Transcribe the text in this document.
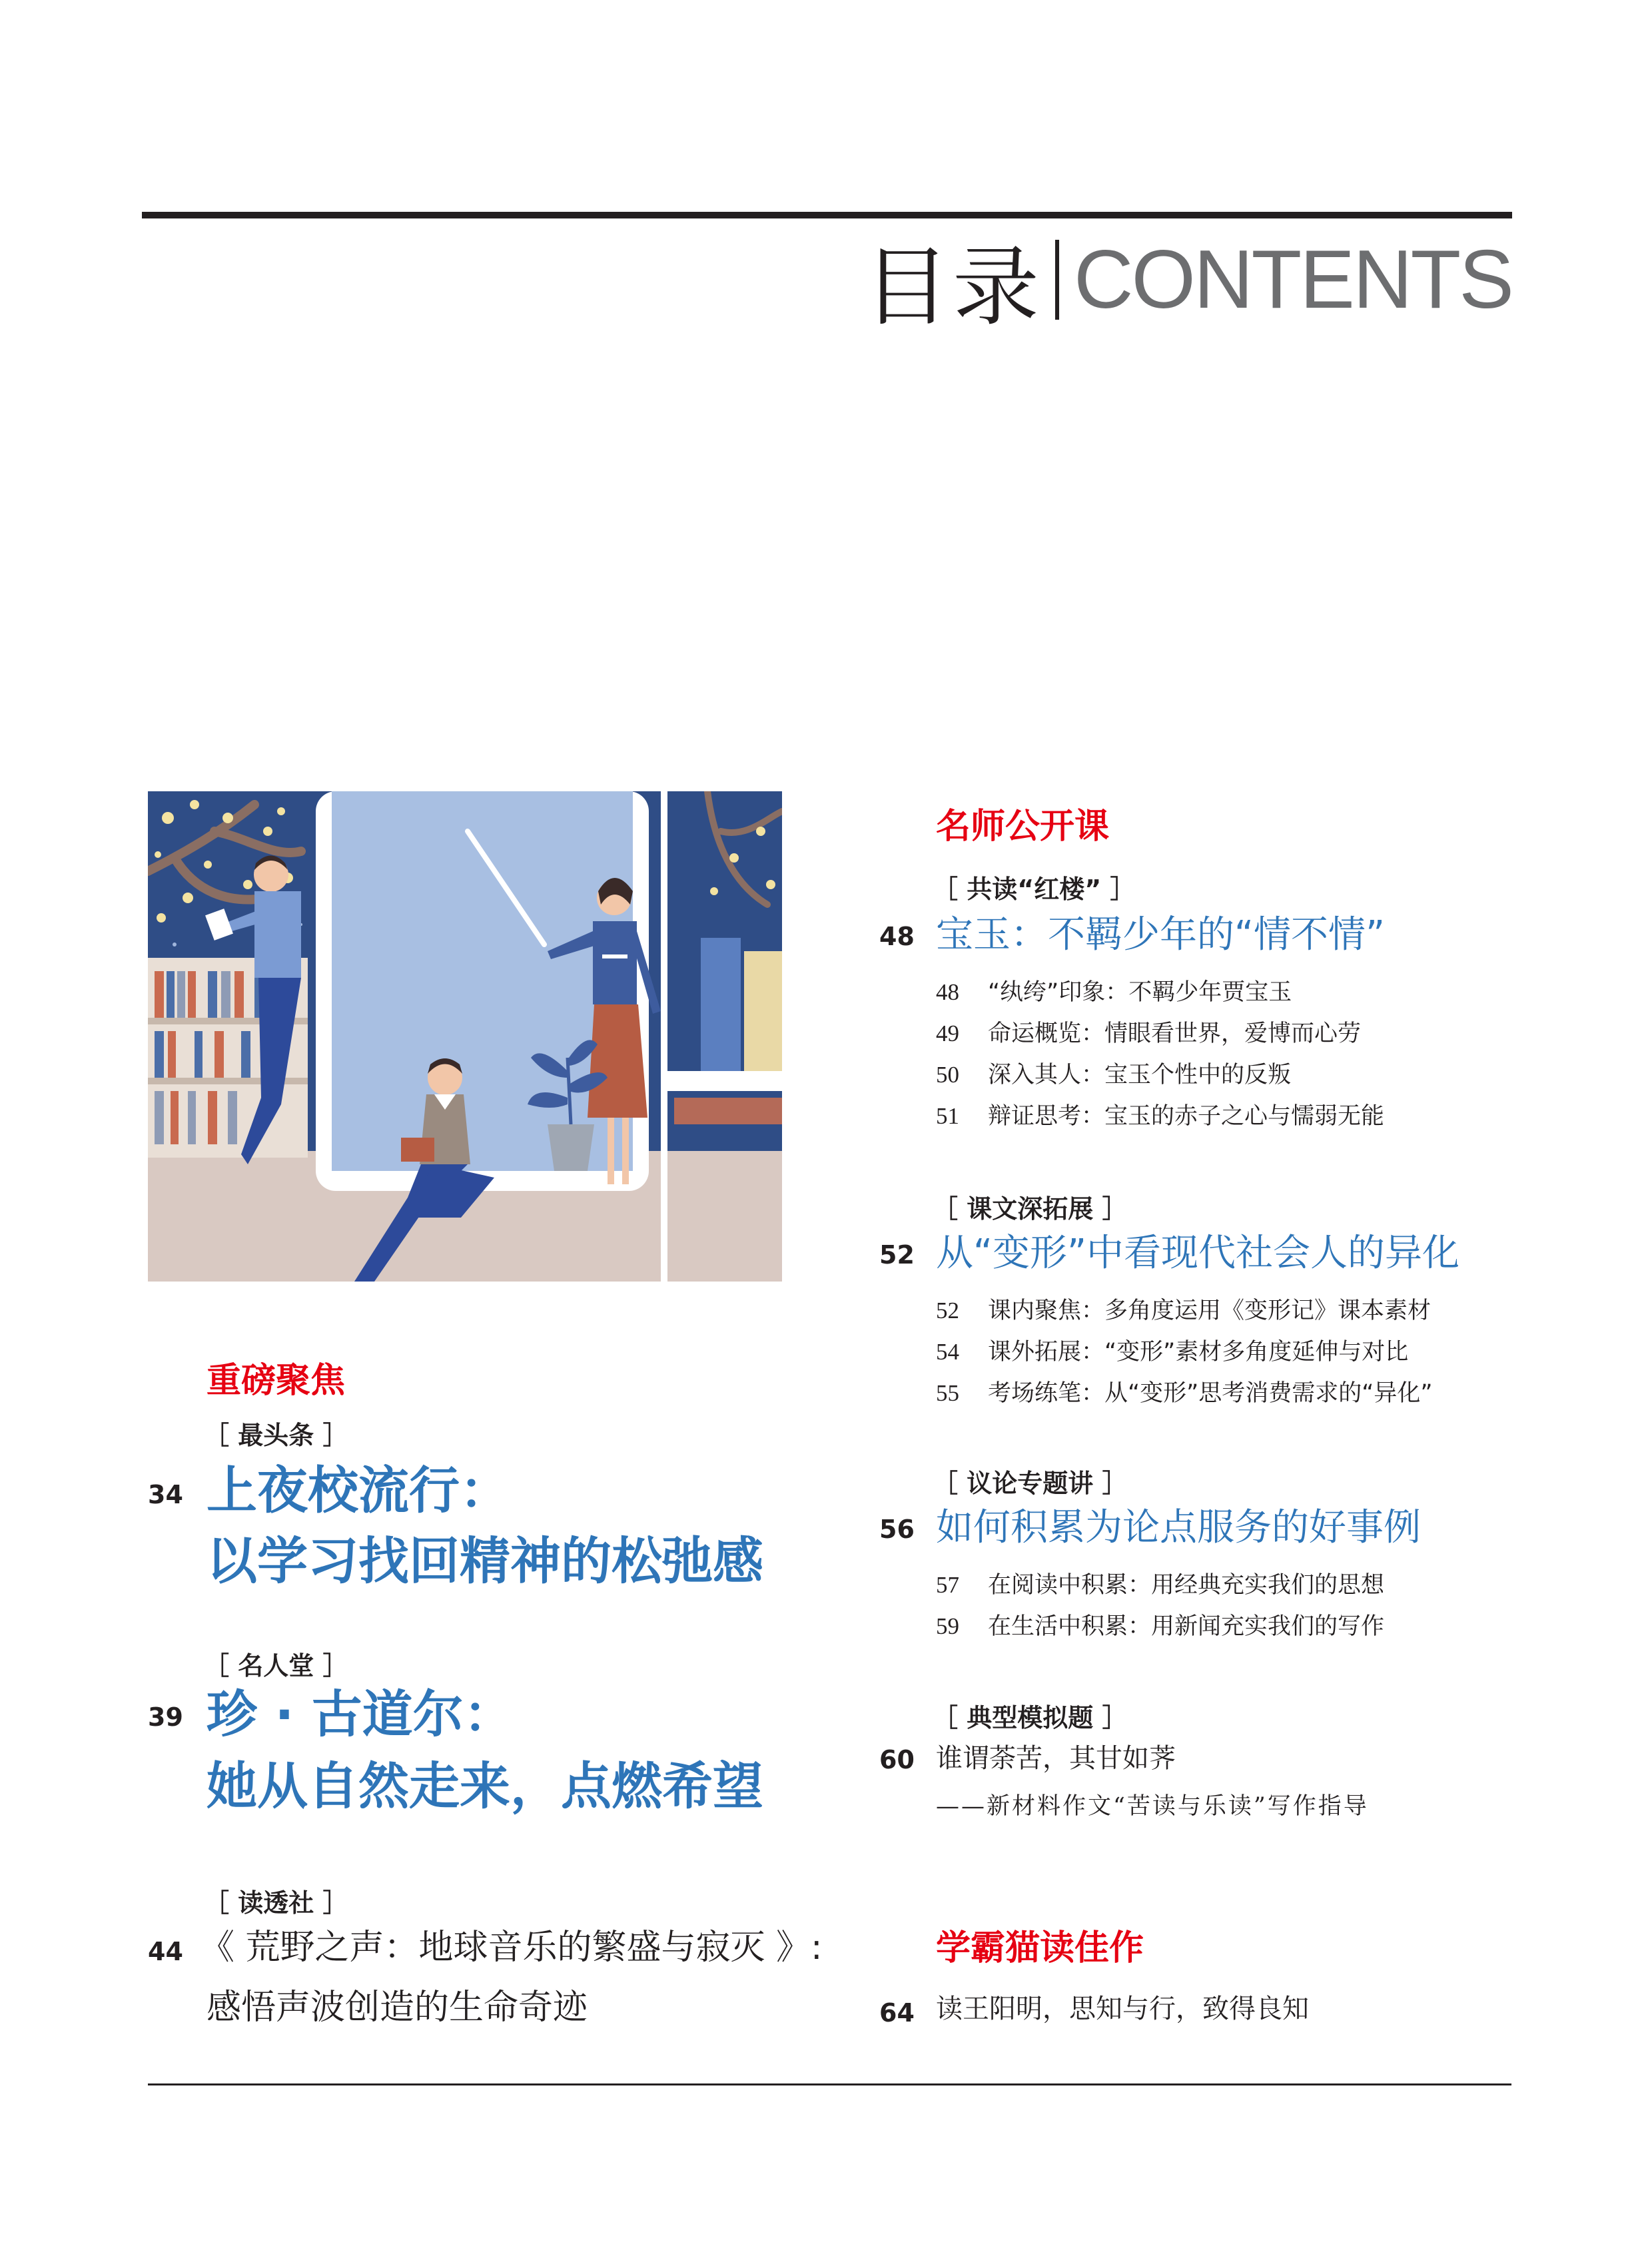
目录 CONTENTS
重磅聚焦
［ 最头条 ］
34 上夜校流行：
以学习找回精神的松弛感
［ 名人堂 ］
39 珍 · 古道尔：
她从自然走来，点燃希望
［ 读透社 ］
44 《 荒野之声：地球音乐的繁盛与寂灭 》:
感悟声波创造的生命奇迹
名师公开课
［ 共读“红楼” ］
48 宝玉：不羁少年的“情不情”
48 “纨绔”印象：不羁少年贾宝玉
49 命运概览：情眼看世界，爱博而心劳
50 深入其人：宝玉个性中的反叛
51 辩证思考：宝玉的赤子之心与懦弱无能
［ 课文深拓展 ］
52 从“变形”中看现代社会人的异化
52 课内聚焦：多角度运用《变形记》课本素材
54 课外拓展：“变形”素材多角度延伸与对比
55 考场练笔：从“变形”思考消费需求的“异化”
［ 议论专题讲 ］
56 如何积累为论点服务的好事例
57 在阅读中积累：用经典充实我们的思想
59 在生活中积累：用新闻充实我们的写作
［ 典型模拟题 ］
60 谁谓荼苦，其甘如荠
——新材料作文“苦读与乐读”写作指导
学霸猫读佳作
64 读王阳明，思知与行，致得良知
